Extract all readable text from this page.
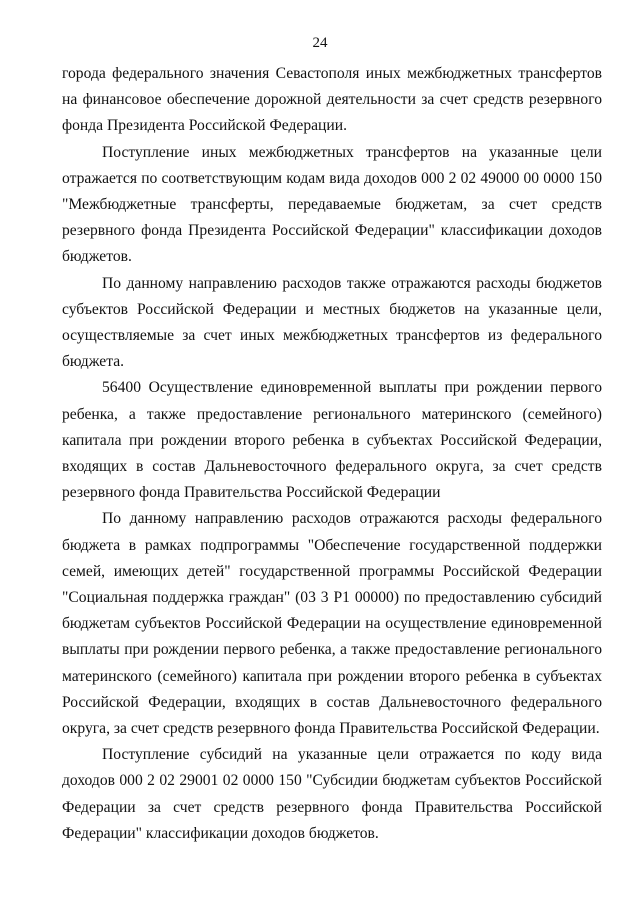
24

города федерального значения Севастополя иных межбюджетных трансфертов на финансовое обеспечение дорожной деятельности за счет средств резервного фонда Президента Российской Федерации.

Поступление иных межбюджетных трансфертов на указанные цели отражается по соответствующим кодам вида доходов 000 2 02 49000 00 0000 150 "Межбюджетные трансферты, передаваемые бюджетам, за счет средств резервного фонда Президента Российской Федерации" классификации доходов бюджетов.

По данному направлению расходов также отражаются расходы бюджетов субъектов Российской Федерации и местных бюджетов на указанные цели, осуществляемые за счет иных межбюджетных трансфертов из федерального бюджета.

56400 Осуществление единовременной выплаты при рождении первого ребенка, а также предоставление регионального материнского (семейного) капитала при рождении второго ребенка в субъектах Российской Федерации, входящих в состав Дальневосточного федерального округа, за счет средств резервного фонда Правительства Российской Федерации

По данному направлению расходов отражаются расходы федерального бюджета в рамках подпрограммы "Обеспечение государственной поддержки семей, имеющих детей" государственной программы Российской Федерации "Социальная поддержка граждан" (03 3 Р1 00000) по предоставлению субсидий бюджетам субъектов Российской Федерации на осуществление единовременной выплаты при рождении первого ребенка, а также предоставление регионального материнского (семейного) капитала при рождении второго ребенка в субъектах Российской Федерации, входящих в состав Дальневосточного федерального округа, за счет средств резервного фонда Правительства Российской Федерации.

Поступление субсидий на указанные цели отражается по коду вида доходов 000 2 02 29001 02 0000 150 "Субсидии бюджетам субъектов Российской Федерации за счет средств резервного фонда Правительства Российской Федерации" классификации доходов бюджетов.
